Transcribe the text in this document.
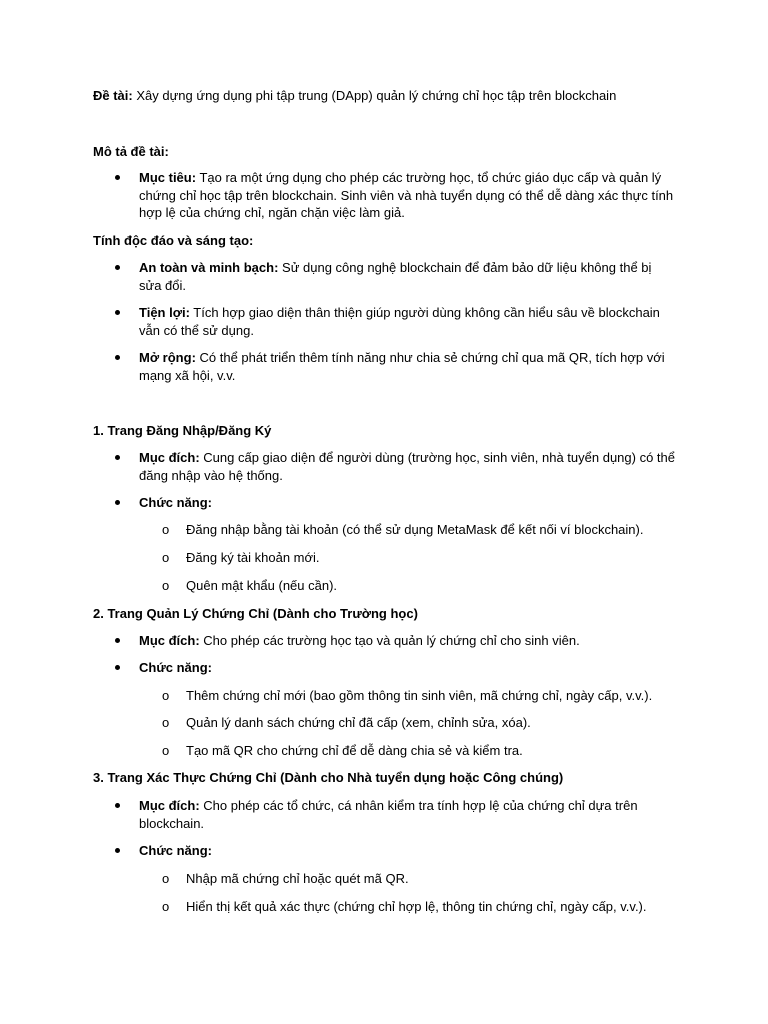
Đề tài: Xây dựng ứng dụng phi tập trung (DApp) quản lý chứng chỉ học tập trên blockchain

Mô tả đề tài:

Mục tiêu: Tạo ra một ứng dụng cho phép các trường học, tổ chức giáo dục cấp và quản lý chứng chỉ học tập trên blockchain. Sinh viên và nhà tuyển dụng có thể dễ dàng xác thực tính hợp lệ của chứng chỉ, ngăn chặn việc làm giả.

Tính độc đáo và sáng tạo:

An toàn và minh bạch: Sử dụng công nghệ blockchain để đảm bảo dữ liệu không thể bị sửa đổi.
Tiện lợi: Tích hợp giao diện thân thiện giúp người dùng không cần hiểu sâu về blockchain vẫn có thể sử dụng.
Mở rộng: Có thể phát triển thêm tính năng như chia sẻ chứng chỉ qua mã QR, tích hợp với mạng xã hội, v.v.

1. Trang Đăng Nhập/Đăng Ký

Mục đích: Cung cấp giao diện để người dùng (trường học, sinh viên, nhà tuyển dụng) có thể đăng nhập vào hệ thống.
Chức năng:
o Đăng nhập bằng tài khoản (có thể sử dụng MetaMask để kết nối ví blockchain).
o Đăng ký tài khoản mới.
o Quên mật khẩu (nếu cần).

2. Trang Quản Lý Chứng Chỉ (Dành cho Trường học)

Mục đích: Cho phép các trường học tạo và quản lý chứng chỉ cho sinh viên.
Chức năng:
o Thêm chứng chỉ mới (bao gồm thông tin sinh viên, mã chứng chỉ, ngày cấp, v.v.).
o Quản lý danh sách chứng chỉ đã cấp (xem, chỉnh sửa, xóa).
o Tạo mã QR cho chứng chỉ để dễ dàng chia sẻ và kiểm tra.

3. Trang Xác Thực Chứng Chỉ (Dành cho Nhà tuyển dụng hoặc Công chúng)

Mục đích: Cho phép các tổ chức, cá nhân kiểm tra tính hợp lệ của chứng chỉ dựa trên blockchain.
Chức năng:
o Nhập mã chứng chỉ hoặc quét mã QR.
o Hiển thị kết quả xác thực (chứng chỉ hợp lệ, thông tin chứng chỉ, ngày cấp, v.v.).
